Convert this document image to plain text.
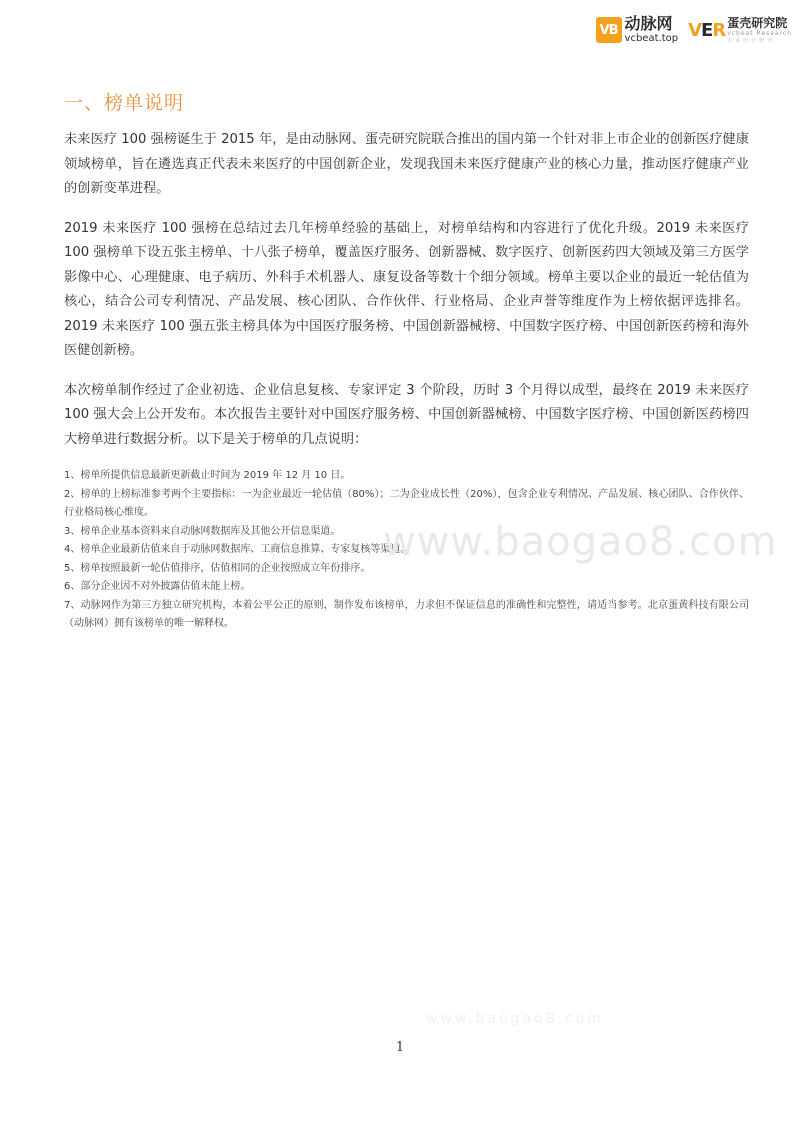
VB 动脉网
vcbeat.top VER 蛋壳研究院
vcbeat Research
未来医疗研究
一、榜单说明

未来医疗 100 强榜诞生于 2015 年，是由动脉网、蛋壳研究院联合推出的国内第一个针对非上市企业的创新医疗健康领域榜单，旨在遴选真正代表未来医疗的中国创新企业，发现我国未来医疗健康产业的核心力量，推动医疗健康产业的创新变革进程。

2019 未来医疗 100 强榜在总结过去几年榜单经验的基础上，对榜单结构和内容进行了优化升级。2019 未来医疗 100 强榜单下设五张主榜单、十八张子榜单，覆盖医疗服务、创新器械、数字医疗、创新医药四大领域及第三方医学影像中心、心理健康、电子病历、外科手术机器人、康复设备等数十个细分领域。榜单主要以企业的最近一轮估值为核心，结合公司专利情况、产品发展、核心团队、合作伙伴、行业格局、企业声誉等维度作为上榜依据评选排名。2019 未来医疗 100 强五张主榜具体为中国医疗服务榜、中国创新器械榜、中国数字医疗榜、中国创新医药榜和海外医健创新榜。

本次榜单制作经过了企业初选、企业信息复核、专家评定 3 个阶段，历时 3 个月得以成型，最终在 2019 未来医疗 100 强大会上公开发布。本次报告主要针对中国医疗服务榜、中国创新器械榜、中国数字医疗榜、中国创新医药榜四大榜单进行数据分析。以下是关于榜单的几点说明：

1、榜单所提供信息最新更新截止时间为 2019 年 12 月 10 日。

2、榜单的上榜标准参考两个主要指标：一为企业最近一轮估值（80%）；二为企业成长性（20%），包含企业专利情况、产品发展、核心团队、合作伙伴、行业格局核心维度。

3、榜单企业基本资料来自动脉网数据库及其他公开信息渠道。

4、榜单企业最新估值来自于动脉网数据库、工商信息推算、专家复核等渠道。

5、榜单按照最新一轮估值排序，估值相同的企业按照成立年份排序。

6、部分企业因不对外披露估值未能上榜。

7、动脉网作为第三方独立研究机构，本着公平公正的原则，制作发布该榜单，力求但不保证信息的准确性和完整性，请适当参考。北京蛋黄科技有限公司（动脉网）拥有该榜单的唯一解释权。

www.baogao8.com
www.baogao8.com
1
